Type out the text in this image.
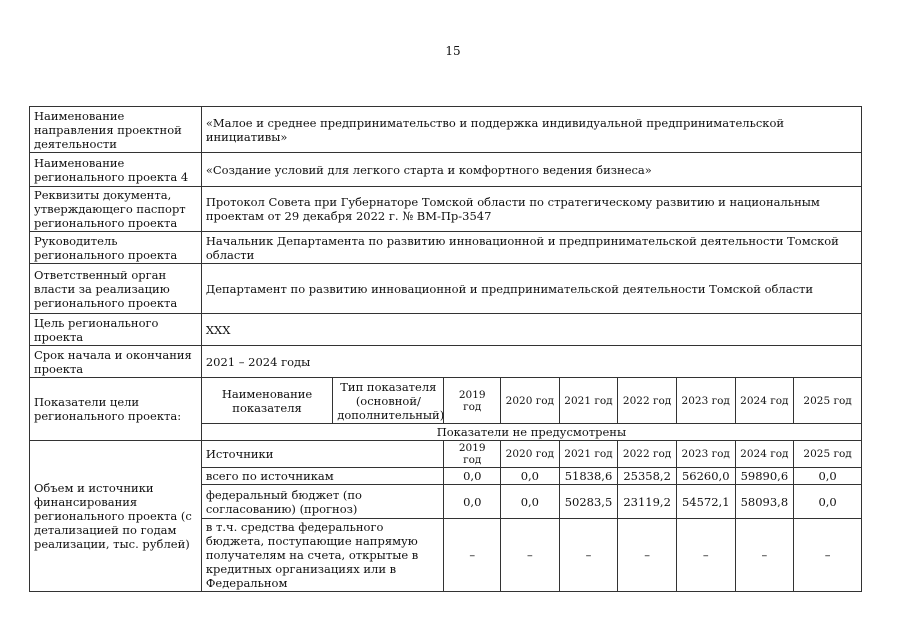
15
Наименование направления проектной деятельности	«Малое и среднее предпринимательство и поддержка индивидуальной предпринимательской инициативы»								
Наименование регионального проекта 4	«Создание условий для легкого старта и комфортного ведения бизнеса»								
Реквизиты документа, утверждающего паспорт регионального проекта	Протокол Совета при Губернаторе Томской области по стратегическому развитию и национальным проектам от 29 декабря 2022 г. № ВМ-Пр-3547								
Руководитель регионального проекта	Начальник Департамента по развитию инновационной и предпринимательской деятельности Томской области								
Ответственный орган власти за реализацию регионального проекта	Департамент по развитию инновационной и предпринимательской деятельности Томской области								
Цель регионального проекта	ХХХ								
Срок начала и окончания проекта	2021 – 2024 годы								
Показатели цели регионального проекта:	Наименование показателя	Тип показателя (основной/ дополнительный)	2019 год	2020 год	2021 год	2022 год	2023 год	2024 год	2025 год
	Показатели не предусмотрены								
Объем и источники финансирования регионального проекта (с детализацией по годам реализации, тыс. рублей)	Источники		2019 год	2020 год	2021 год	2022 год	2023 год	2024 год	2025 год
	всего по источникам		0,0	0,0	51838,6	25358,2	56260,0	59890,6	0,0
	федеральный бюджет (по согласованию) (прогноз)		0,0	0,0	50283,5	23119,2	54572,1	58093,8	0,0
	в т.ч. средства федерального бюджета, поступающие напрямую получателям на счета, открытые в кредитных организациях или в Федеральном		–	–	–	–	–	–	–
